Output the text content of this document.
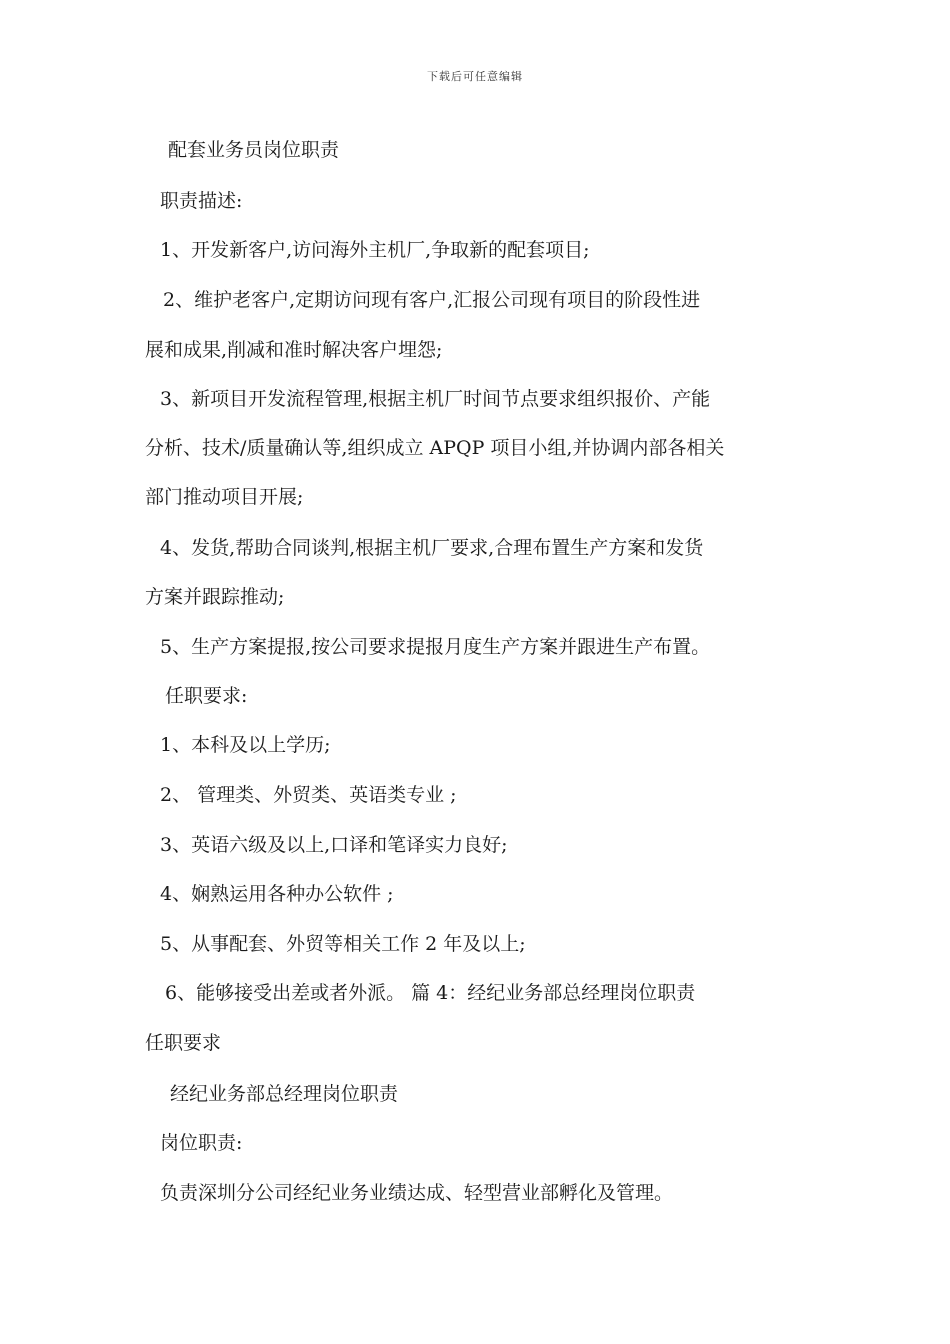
下载后可任意编辑
配套业务员岗位职责
职责描述:
1、开发新客户,访问海外主机厂,争取新的配套项目;
2、维护老客户,定期访问现有客户,汇报公司现有项目的阶段性进
展和成果,削减和准时解决客户埋怨;
3、新项目开发流程管理,根据主机厂时间节点要求组织报价、产能
分析、技术/质量确认等,组织成立 APQP 项目小组,并协调内部各相关
部门推动项目开展;
4、发货,帮助合同谈判,根据主机厂要求,合理布置生产方案和发货
方案并跟踪推动;
5、生产方案提报,按公司要求提报月度生产方案并跟进生产布置。
任职要求:
1、本科及以上学历;
2、 管理类、外贸类、英语类专业 ;
3、英语六级及以上,口译和笔译实力良好;
4、娴熟运用各种办公软件 ;
5、从事配套、外贸等相关工作 2 年及以上;
6、能够接受出差或者外派。 篇 4：经纪业务部总经理岗位职责
任职要求
经纪业务部总经理岗位职责
岗位职责:
负责深圳分公司经纪业务业绩达成、轻型营业部孵化及管理。
